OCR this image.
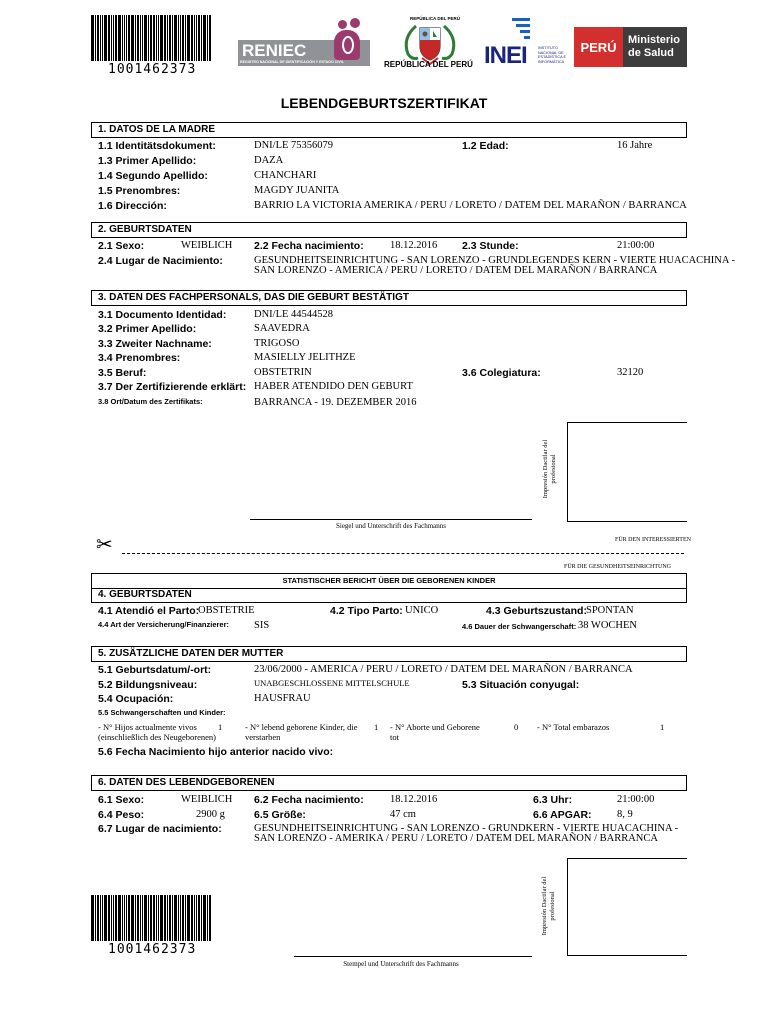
1001462373
RENIEC
REGISTRO NACIONAL DE IDENTIFICACIÓN Y ESTADO CIVIL
REPÚBLICA DEL PERÚ
REPÚBLICA DEL PERÚ INEI	INSTITUTO NACIONAL DE ESTADÍSTICA E INFORMÁTICA
PERÚ	Ministerio de Salud
LEBENDGEBURTSZERTIFIKAT
1. DATOS DE LA MADRE
1.1 Identitätsdokument:	DNI/LE 75356079	1.2 Edad:	16 Jahre
1.3 Primer Apellido:	DAZA
1.4 Segundo Apellido:	CHANCHARI
1.5 Prenombres:	MAGDY JUANITA
1.6 Dirección:	BARRIO LA VICTORIA AMERIKA / PERU / LORETO / DATEM DEL MARAÑON / BARRANCA
2. GEBURTSDATEN
2.1 Sexo:	WEIBLICH 2.2 Fecha nacimiento:	18.12.2016 2.3 Stunde:	21:00:00
2.4 Lugar de Nacimiento:	GESUNDHEITSEINRICHTUNG - SAN LORENZO - GRUNDLEGENDES KERN - VIERTE HUACACHINA -
SAN LORENZO - AMERICA / PERU / LORETO / DATEM DEL MARAÑON / BARRANCA
3. DATEN DES FACHPERSONALS, DAS DIE GEBURT BESTÄTIGT
3.1 Documento Identidad:	DNI/LE 44544528
3.2 Primer Apellido:	SAAVEDRA
3.3 Zweiter Nachname:	TRIGOSO
3.4 Prenombres:	MASIELLY JELITHZE
3.5 Beruf:	OBSTETRIN	3.6 Colegiatura:	32120
3.7 Der Zertifizierende erklärt: HABER ATENDIDO DEN GEBURT
3.8 Ort/Datum des Zertifikats:	BARRANCA - 19. DEZEMBER 2016
Impresión Dactilar del profesional
Siegel und Unterschrift des Fachmanns
FÜR DEN INTERESSIERTEN
✂
FÜR DIE GESUNDHEITSEINRICHTUNG
STATISTISCHER BERICHT ÜBER DIE GEBORENEN KINDER
4. GEBURTSDATEN
4.1 Atendió el Parto:
OBSTETRIE	4.2 Tipo Parto: UNICO	4.3 Geburtszustand: SPONTAN
4.4 Art der Versicherung/Finanzierer: SIS	4.6 Dauer der Schwangerschaft: 38 WOCHEN
5. ZUSÄTZLICHE DATEN DER MUTTER
5.1 Geburtsdatum/-ort:	23/06/2000 - AMERICA / PERU / LORETO / DATEM DEL MARAÑON / BARRANCA
5.2 Bildungsniveau:	UNABGESCHLOSSENE MITTELSCHULE	5.3 Situación conyugal:
5.4 Ocupación:	HAUSFRAU
5.5 Schwangerschaften und Kinder:
- N° Hijos actualmente vivos 1
(einschließlich des Neugeborenen)
- N° lebend geborene Kinder, die 1
verstarben
- N° Aborte und Geborene	0
tot
- N° Total embarazos	1
5.6 Fecha Nacimiento hijo anterior nacido vivo:
6. DATEN DES LEBENDGEBORENEN
6.1 Sexo:	WEIBLICH 6.2 Fecha nacimiento:	18.12.2016	6.3 Uhr:	21:00:00
6.4 Peso:	2900 g	6.5 Größe:	47 cm	6.6 APGAR: 8, 9
6.7 Lugar de nacimiento:	GESUNDHEITSEINRICHTUNG - SAN LORENZO - GRUNDKERN - VIERTE HUACACHINA -
SAN LORENZO - AMERIKA / PERU / LORETO / DATEM DEL MARAÑON / BARRANCA
Impresión Dactilar del profesional
1001462373
Stempel und Unterschrift des Fachmanns
